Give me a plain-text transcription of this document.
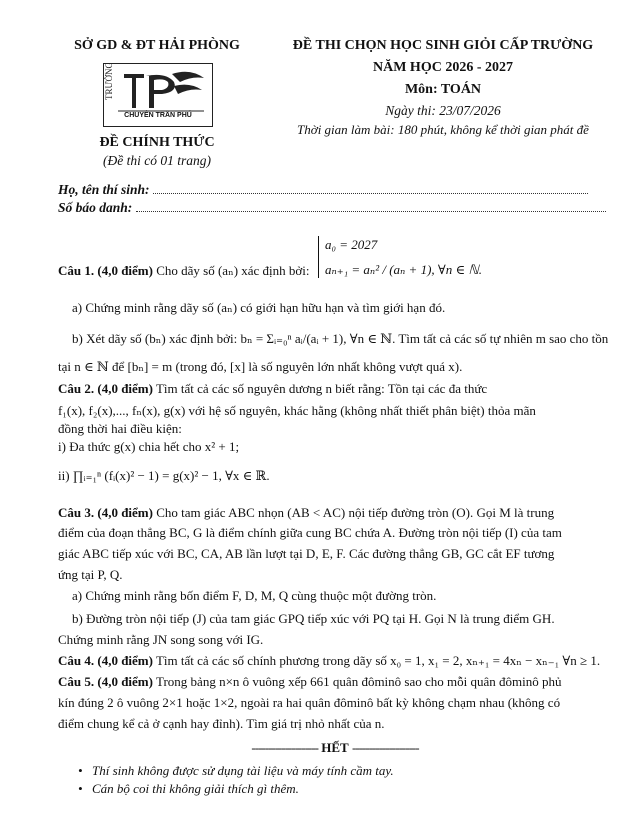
SỞ GD & ĐT HẢI PHÒNG
TRƯỜNG
CHUYÊN TRẦN PHÚ
ĐỀ CHÍNH THỨC
(Đề thi có 01 trang)
ĐỀ THI CHỌN HỌC SINH GIỎI CẤP TRƯỜNG
NĂM HỌC 2026 - 2027
Môn: TOÁN
Ngày thi: 23/07/2026
Thời gian làm bài: 180 phút, không kể thời gian phát đề
Họ, tên thí sinh:
Số báo danh:
Câu 1. (4,0 điểm) Cho dãy số (aₙ) xác định bởi:
a₀ = 2027
aₙ₊₁ = aₙ² / (aₙ + 1), ∀n ∈ ℕ.
a) Chứng minh rằng dãy số (aₙ) có giới hạn hữu hạn và tìm giới hạn đó.
b) Xét dãy số (bₙ) xác định bởi: bₙ = Σᵢ₌₀ⁿ aᵢ/(aᵢ + 1), ∀n ∈ ℕ. Tìm tất cả các số tự nhiên m sao cho tồn
tại n ∈ ℕ để [bₙ] = m (trong đó, [x] là số nguyên lớn nhất không vượt quá x).
Câu 2. (4,0 điểm) Tìm tất cả các số nguyên dương n biết rằng: Tồn tại các đa thức
f₁(x), f₂(x),..., fₙ(x), g(x) với hệ số nguyên, khác hằng (không nhất thiết phân biệt) thỏa mãn
đồng thời hai điều kiện:
i) Đa thức g(x) chia hết cho x² + 1;
ii) ∏ᵢ₌₁ⁿ (fᵢ(x)² − 1) = g(x)² − 1, ∀x ∈ ℝ.
Câu 3. (4,0 điểm) Cho tam giác ABC nhọn (AB < AC) nội tiếp đường tròn (O). Gọi M là trung
điểm của đoạn thẳng BC, G là điểm chính giữa cung BC chứa A. Đường tròn nội tiếp (I) của tam
giác ABC tiếp xúc với BC, CA, AB lần lượt tại D, E, F. Các đường thẳng GB, GC cắt EF tương
ứng tại P, Q.
a) Chứng minh rằng bốn điểm F, D, M, Q cùng thuộc một đường tròn.
b) Đường tròn nội tiếp (J) của tam giác GPQ tiếp xúc với PQ tại H. Gọi N là trung điểm GH.
Chứng minh rằng JN song song với IG.
Câu 4. (4,0 điểm) Tìm tất cả các số chính phương trong dãy số x₀ = 1, x₁ = 2, xₙ₊₁ = 4xₙ − xₙ₋₁ ∀n ≥ 1.
Câu 5. (4,0 điểm) Trong bảng n×n ô vuông xếp 661 quân đôminô sao cho mỗi quân đôminô phủ
kín đúng 2 ô vuông 2×1 hoặc 1×2, ngoài ra hai quân đôminô bất kỳ không chạm nhau (không có
điểm chung kể cả ở cạnh hay đỉnh). Tìm giá trị nhỏ nhất của n.
-------------------- HẾT --------------------
• Thí sinh không được sử dụng tài liệu và máy tính cầm tay.
• Cán bộ coi thi không giải thích gì thêm.
